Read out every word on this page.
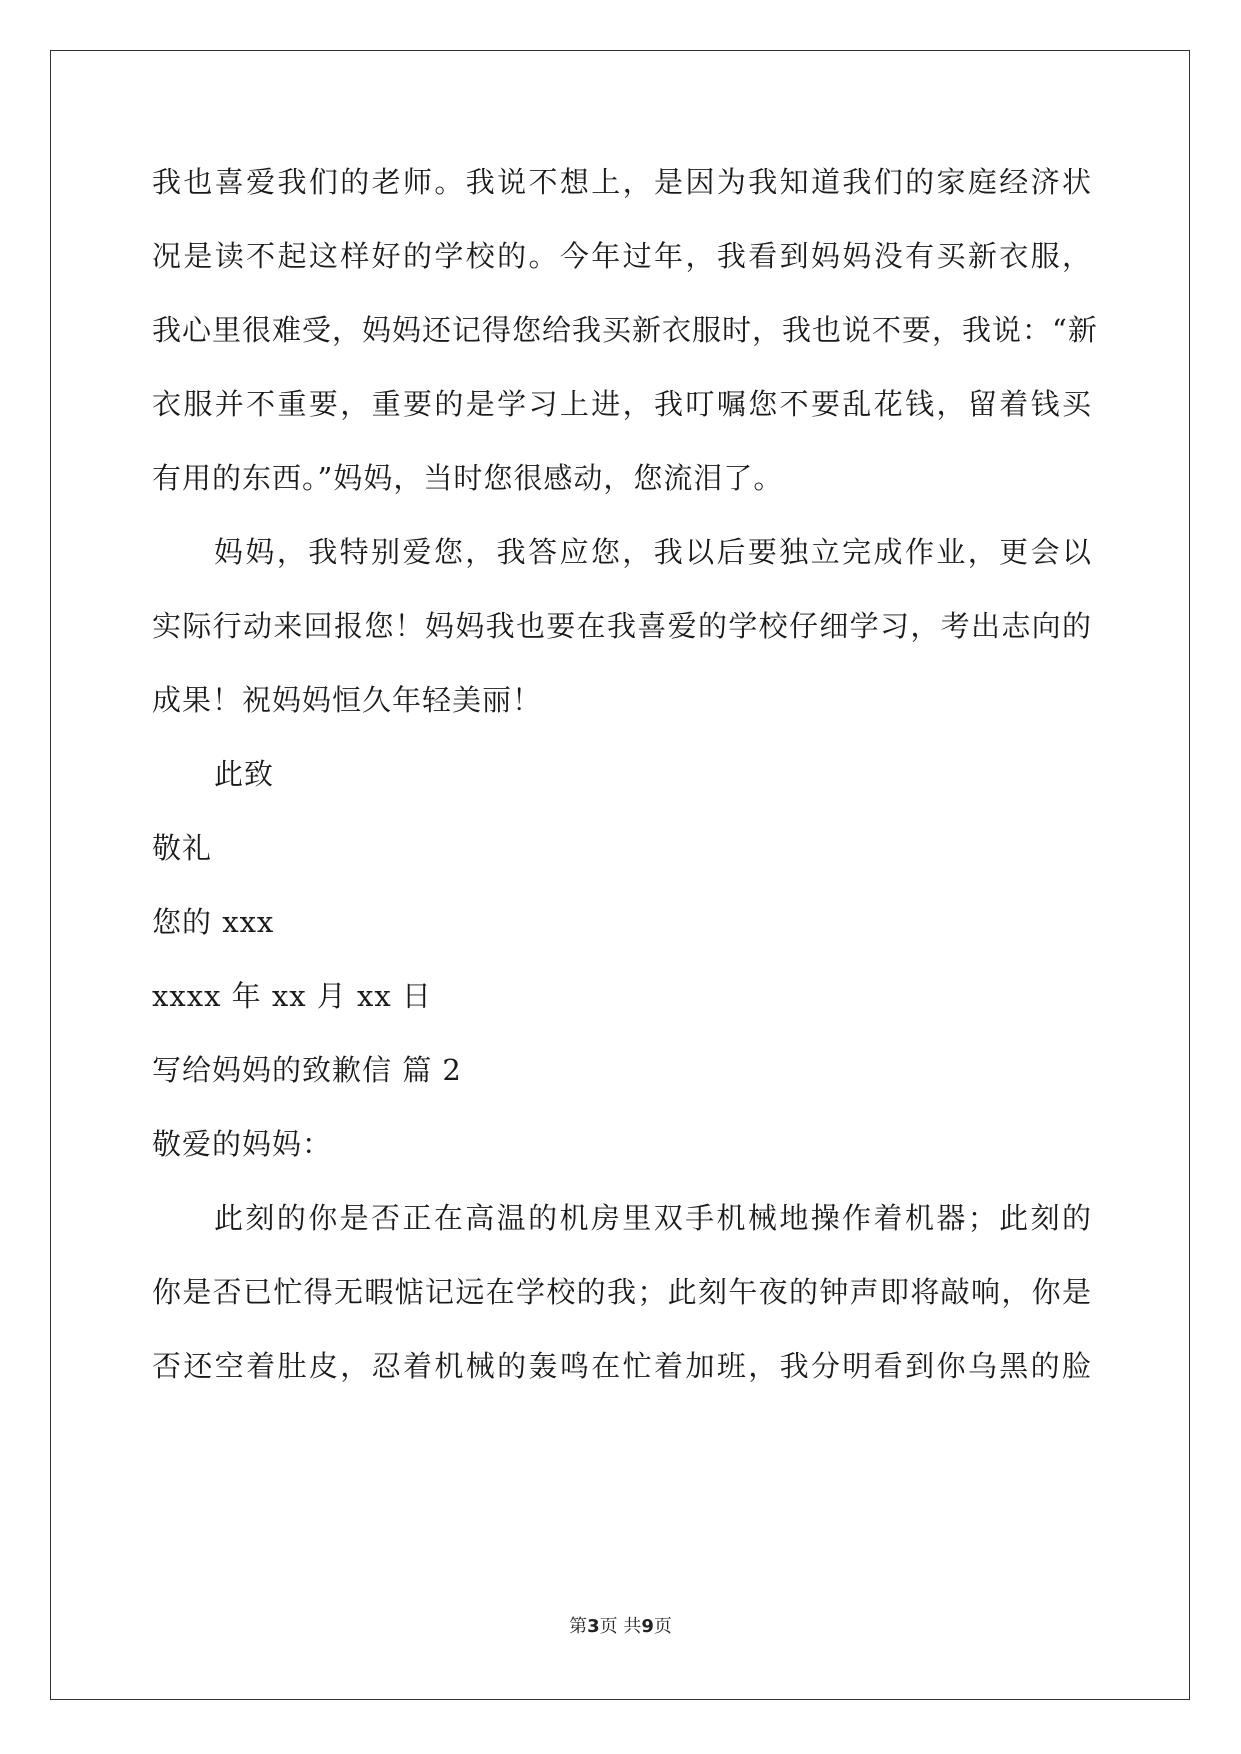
我也喜爱我们的老师。我说不想上，是因为我知道我们的家庭经济状
况是读不起这样好的学校的。今年过年，我看到妈妈没有买新衣服，
我心里很难受，妈妈还记得您给我买新衣服时，我也说不要，我说：“新
衣服并不重要，重要的是学习上进，我叮嘱您不要乱花钱，留着钱买
有用的东西。”妈妈，当时您很感动，您流泪了。
妈妈，我特别爱您，我答应您，我以后要独立完成作业，更会以
实际行动来回报您！妈妈我也要在我喜爱的学校仔细学习，考出志向的
成果！祝妈妈恒久年轻美丽！
此致
敬礼
您的 xxx
xxxx 年 xx 月 xx 日
写给妈妈的致歉信 篇 2
敬爱的妈妈：
此刻的你是否正在高温的机房里双手机械地操作着机器；此刻的
你是否已忙得无暇惦记远在学校的我；此刻午夜的钟声即将敲响，你是
否还空着肚皮，忍着机械的轰鸣在忙着加班，我分明看到你乌黑的脸
第3页 共9页
